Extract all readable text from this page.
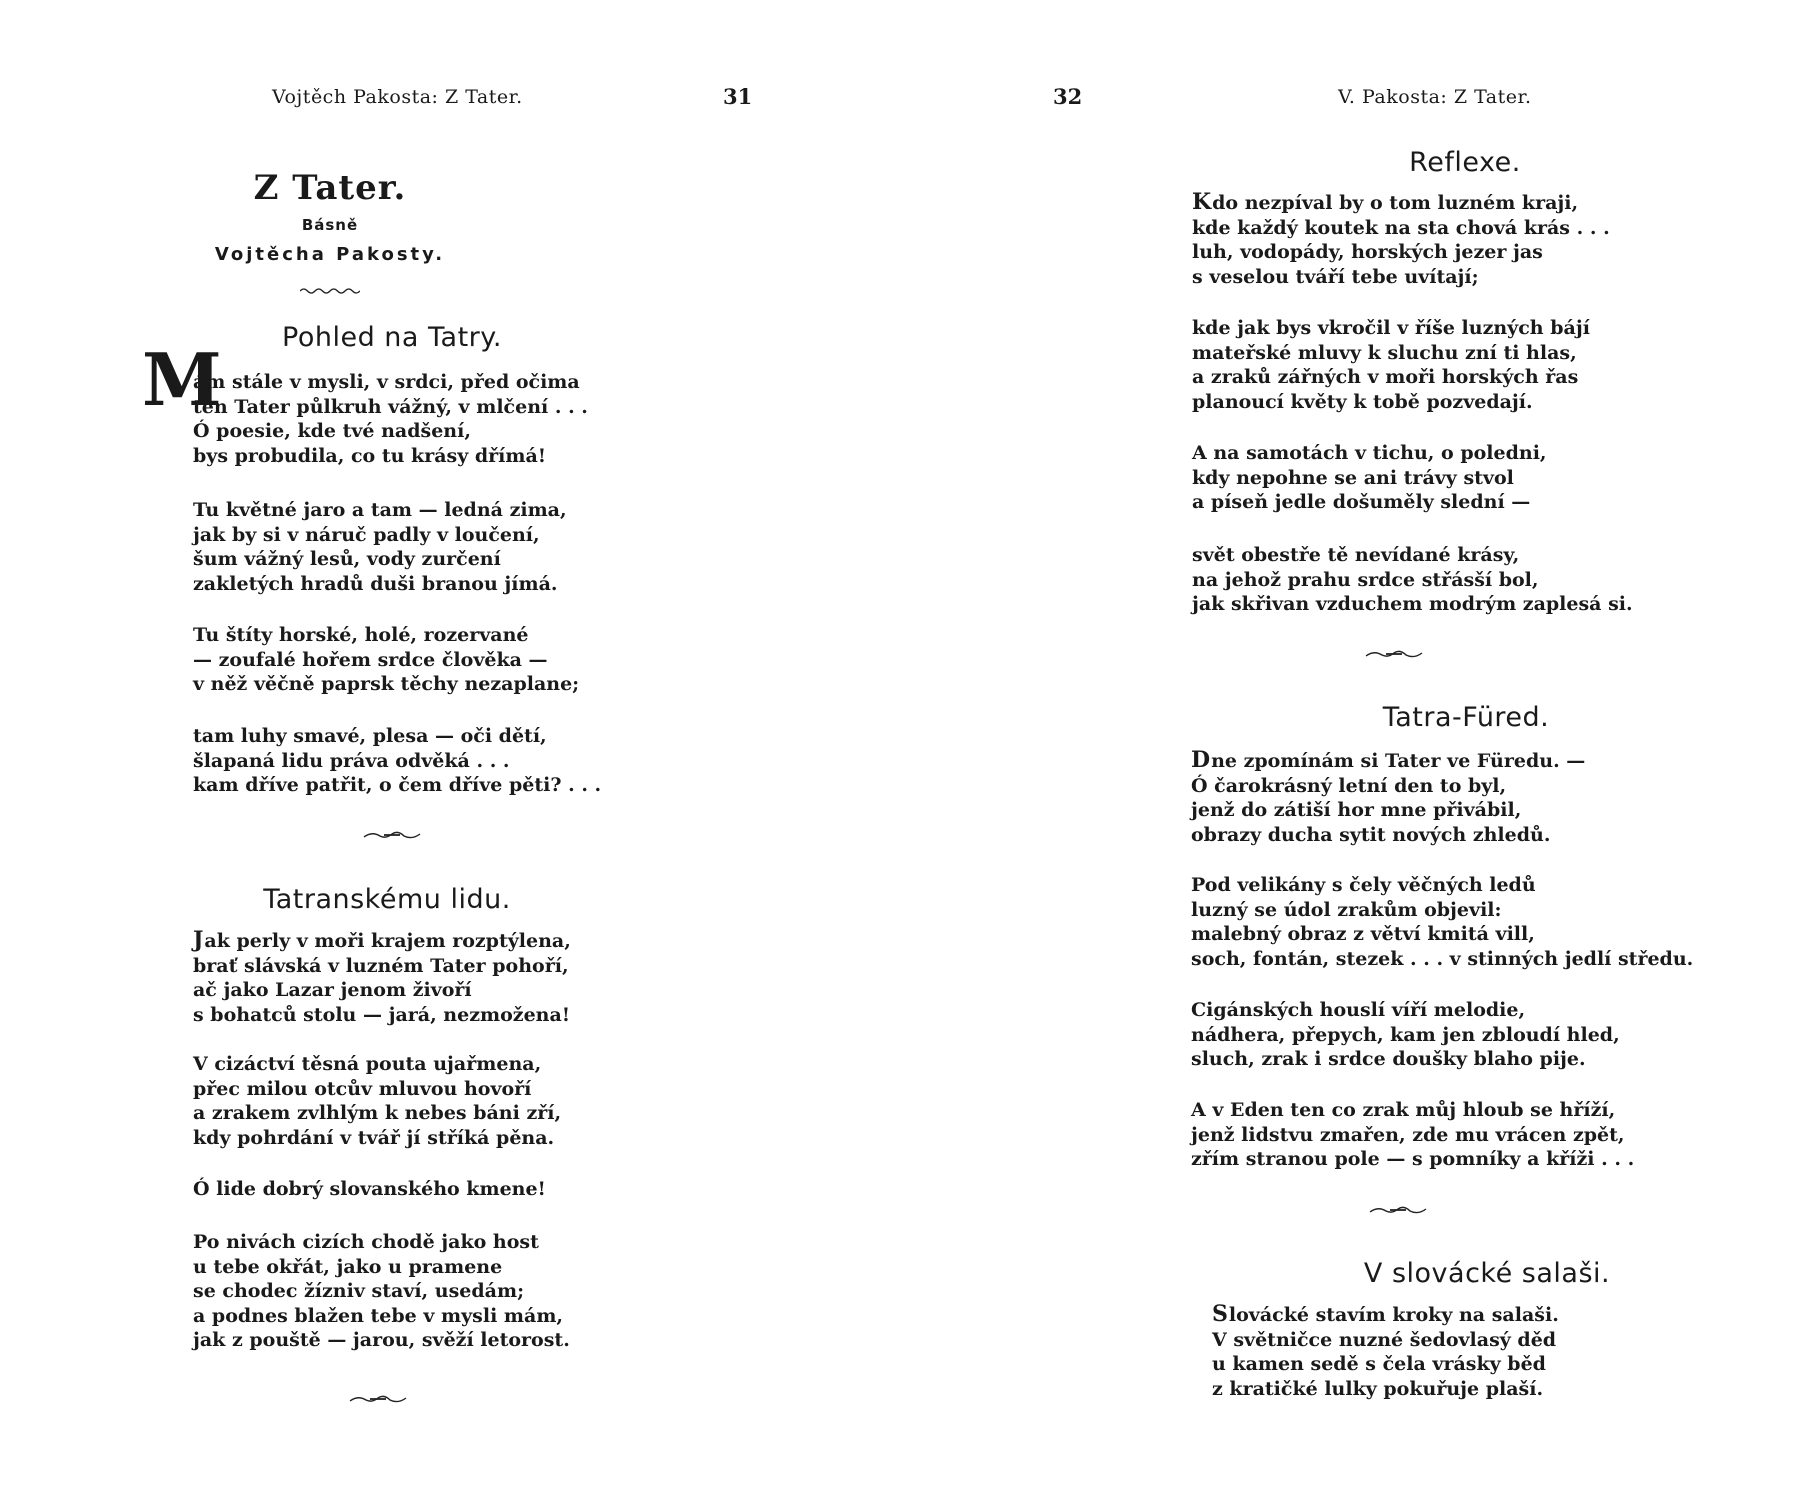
Vojtěch Pakosta: Z Tater.	31
Z Tater.
Básně
Vojtěcha Pakosty.
Pohled na Tatry.
M
ám stále v mysli, v srdci, před očima
ten Tater půlkruh vážný, v mlčení . . .
Ó poesie, kde tvé nadšení,
bys probudila, co tu krásy dřímá!
Tu květné jaro a tam — ledná zima,
jak by si v náruč padly v loučení,
šum vážný lesů, vody zurčení
zakletých hradů duši branou jímá.
Tu štíty horské, holé, rozervané
— zoufalé hořem srdce člověka —
v něž věčně paprsk těchy nezaplane;
tam luhy smavé, plesa — oči dětí,
šlapaná lidu práva odvěká . . .
kam dříve patřit, o čem dříve pěti? . . .
Tatranskému lidu.
Jak perly v moři krajem rozptýlena,
brať slávská v luzném Tater pohoří,
ač jako Lazar jenom živoří
s bohatců stolu — jará, nezmožena!
V cizáctví těsná pouta ujařmena,
přec milou otcův mluvou hovoří
a zrakem zvlhlým k nebes báni zří,
kdy pohrdání v tvář jí stříká pěna.
Ó lide dobrý slovanského kmene!
Po nivách cizích chodě jako host
u tebe okřát, jako u pramene
se chodec žízniv staví, usedám;
a podnes blažen tebe v mysli mám,
jak z pouště — jarou, svěží letorost.
32	V. Pakosta: Z Tater.
Reflexe.
Kdo nezpíval by o tom luzném kraji,
kde každý koutek na sta chová krás . . .
luh, vodopády, horských jezer jas
s veselou tváří tebe uvítají;
kde jak bys vkročil v říše luzných bájí
mateřské mluvy k sluchu zní ti hlas,
a zraků zářných v moři horských řas
planoucí květy k tobě pozvedají.
A na samotách v tichu, o poledni,
kdy nepohne se ani trávy stvol
a píseň jedle došuměly slední —
svět obestře tě nevídané krásy,
na jehož prahu srdce střásší bol,
jak skřivan vzduchem modrým zaplesá si.
Tatra-Füred.
Dne zpomínám si Tater ve Füredu. —
Ó čarokrásný letní den to byl,
jenž do zátiší hor mne přivábil,
obrazy ducha sytit nových zhledů.
Pod velikány s čely věčných ledů
luzný se údol zrakům objevil:
malebný obraz z větví kmitá vill,
soch, fontán, stezek . . . v stinných jedlí středu.
Cigánských houslí víří melodie,
nádhera, přepych, kam jen zbloudí hled,
sluch, zrak i srdce doušky blaho pije.
A v Eden ten co zrak můj hloub se hříží,
jenž lidstvu zmařen, zde mu vrácen zpět,
zřím stranou pole — s pomníky a kříži . . .
V slovácké salaši.
Slovácké stavím kroky na salaši.
V světničce nuzné šedovlasý děd
u kamen sedě s čela vrásky běd
z kratičké lulky pokuřuje plaší.
